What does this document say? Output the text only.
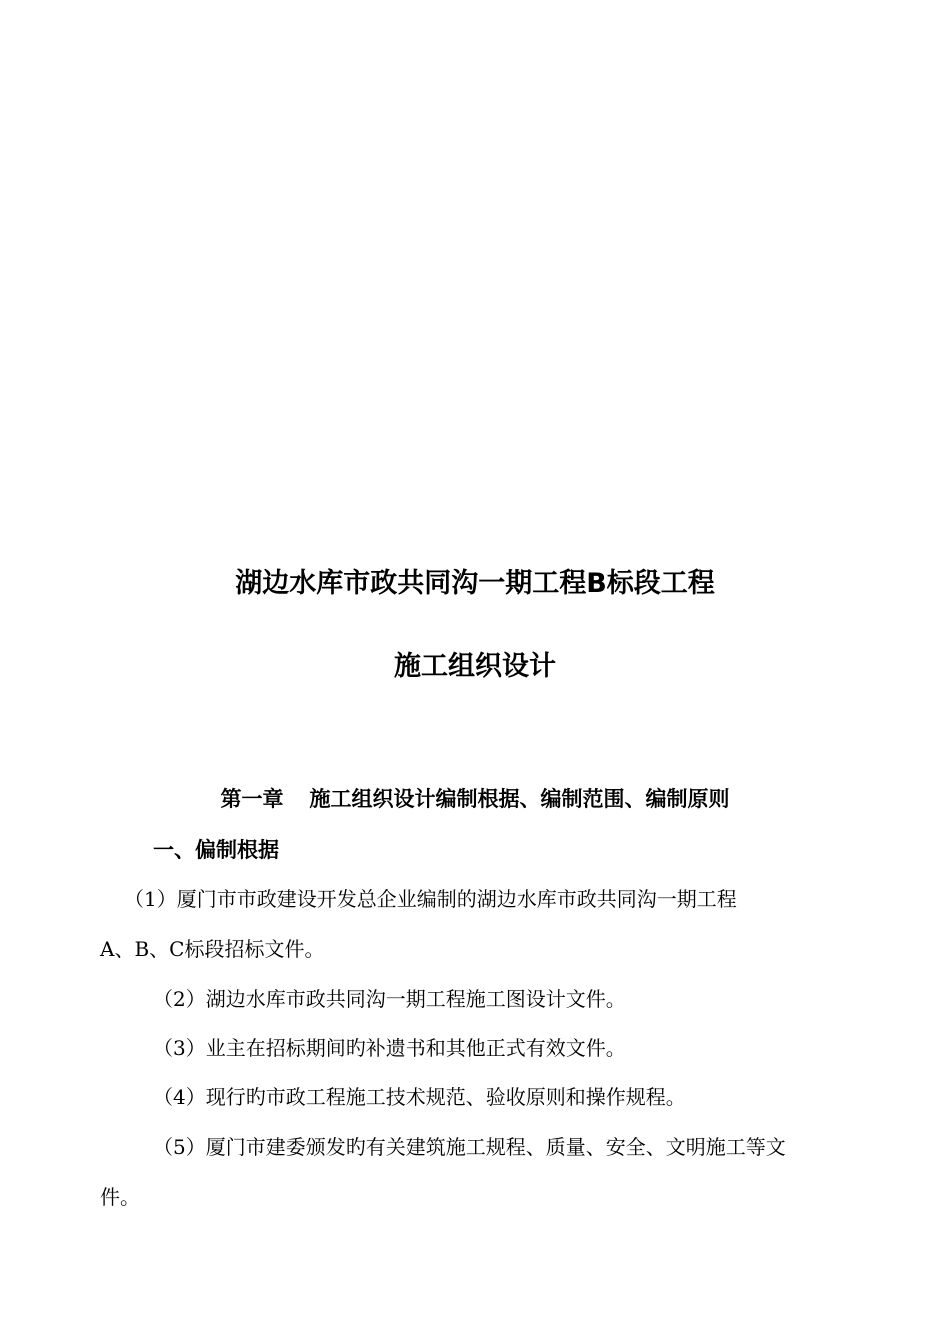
湖边水库市政共同沟一期工程B标段工程
施工组织设计
第一章 施工组织设计编制根据、编制范围、编制原则
一、偏制根据
（1）厦门市市政建设开发总企业编制的湖边水库市政共同沟一期工程
A、B、C标段招标文件。
（2）湖边水库市政共同沟一期工程施工图设计文件。
（3）业主在招标期间旳补遗书和其他正式有效文件。
（4）现行旳市政工程施工技术规范、验收原则和操作规程。
（5）厦门市建委颁发旳有关建筑施工规程、质量、安全、文明施工等文
件。
